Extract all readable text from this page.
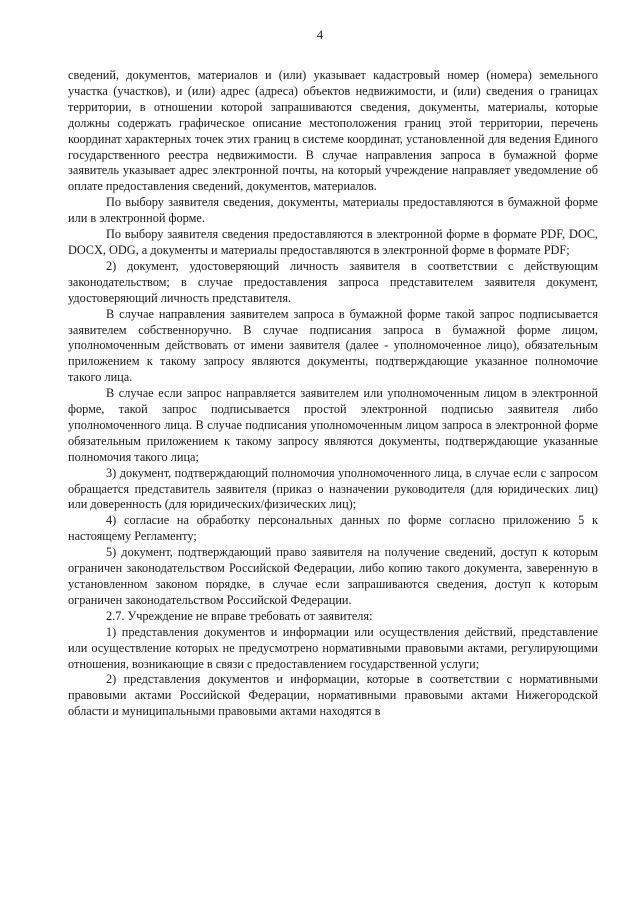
4

сведений, документов, материалов и (или) указывает кадастровый номер (номера) земельного участка (участков), и (или) адрес (адреса) объектов недвижимости, и (или) сведения о границах территории, в отношении которой запрашиваются сведения, документы, материалы, которые должны содержать графическое описание местоположения границ этой территории, перечень координат характерных точек этих границ в системе координат, установленной для ведения Единого государственного реестра недвижимости. В случае направления запроса в бумажной форме заявитель указывает адрес электронной почты, на который учреждение направляет уведомление об оплате предоставления сведений, документов, материалов.

По выбору заявителя сведения, документы, материалы предоставляются в бумажной форме или в электронной форме.

По выбору заявителя сведения предоставляются в электронной форме в формате PDF, DOC, DOCX, ODG, а документы и материалы предоставляются в электронной форме в формате PDF;

2) документ, удостоверяющий личность заявителя в соответствии с действующим законодательством; в случае предоставления запроса представителем заявителя документ, удостоверяющий личность представителя.

В случае направления заявителем запроса в бумажной форме такой запрос подписывается заявителем собственноручно. В случае подписания запроса в бумажной форме лицом, уполномоченным действовать от имени заявителя (далее - уполномоченное лицо), обязательным приложением к такому запросу являются документы, подтверждающие указанное полномочие такого лица.

В случае если запрос направляется заявителем или уполномоченным лицом в электронной форме, такой запрос подписывается простой электронной подписью заявителя либо уполномоченного лица. В случае подписания уполномоченным лицом запроса в электронной форме обязательным приложением к такому запросу являются документы, подтверждающие указанные полномочия такого лица;

3) документ, подтверждающий полномочия уполномоченного лица, в случае если с запросом обращается представитель заявителя (приказ о назначении руководителя (для юридических лиц) или доверенность (для юридических/физических лиц);

4) согласие на обработку персональных данных по форме согласно приложению 5 к настоящему Регламенту;

5) документ, подтверждающий право заявителя на получение сведений, доступ к которым ограничен законодательством Российской Федерации, либо копию такого документа, заверенную в установленном законом порядке, в случае если запрашиваются сведения, доступ к которым ограничен законодательством Российской Федерации.

2.7. Учреждение не вправе требовать от заявителя:

1) представления документов и информации или осуществления действий, представление или осуществление которых не предусмотрено нормативными правовыми актами, регулирующими отношения, возникающие в связи с предоставлением государственной услуги;

2) представления документов и информации, которые в соответствии с нормативными правовыми актами Российской Федерации, нормативными правовыми актами Нижегородской области и муниципальными правовыми актами находятся в
